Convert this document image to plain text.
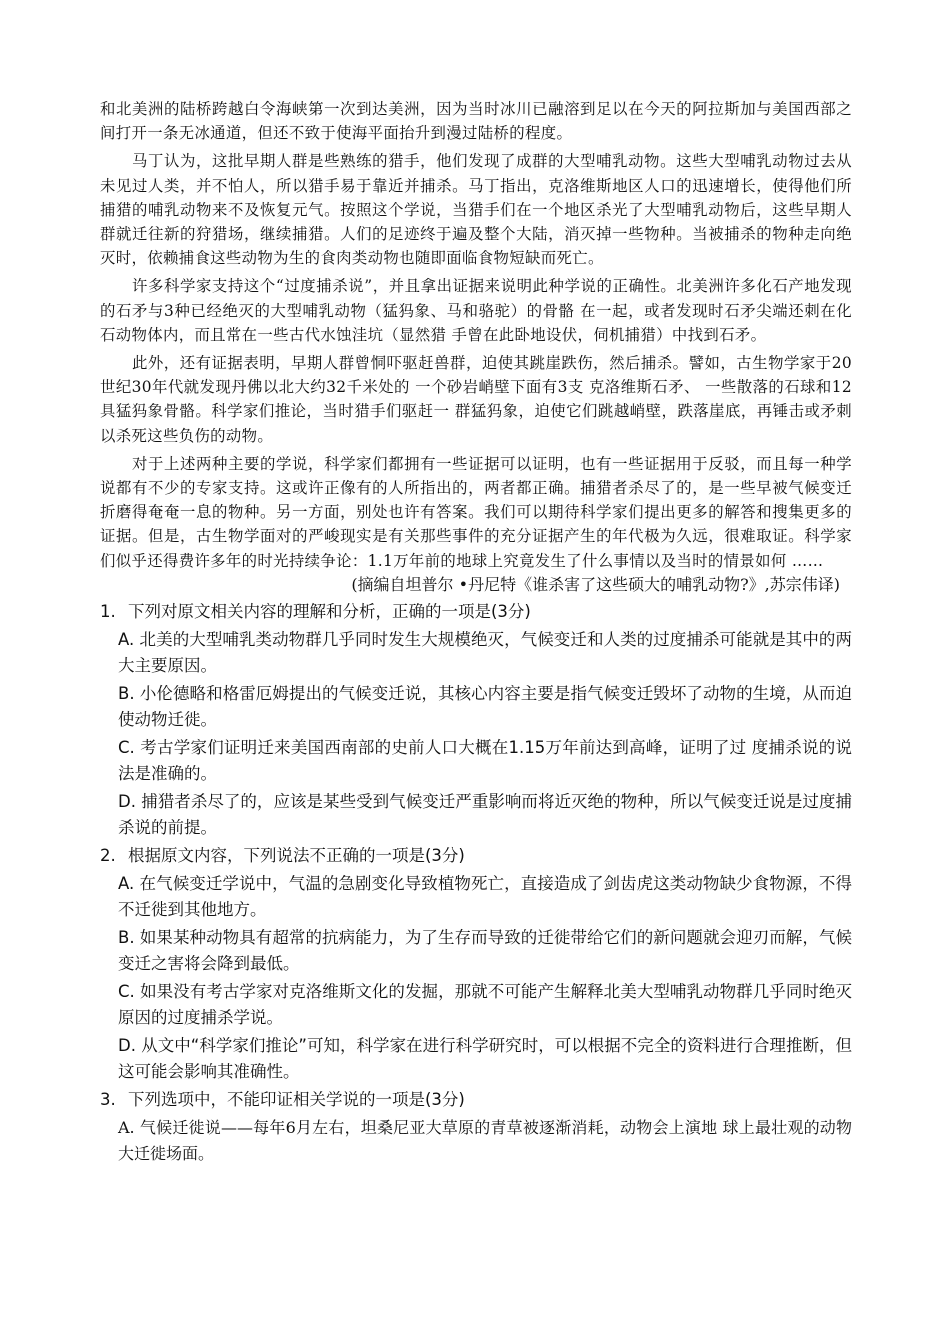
和北美洲的陆桥跨越白令海峡第一次到达美洲，因为当时冰川已融溶到足以在今天的阿拉斯加与美国西部之间打开一条无冰通道，但还不致于使海平面抬升到漫过陆桥的程度。

马丁认为，这批早期人群是些熟练的猎手，他们发现了成群的大型哺乳动物。这些大型哺乳动物过去从未见过人类，并不怕人，所以猎手易于靠近并捕杀。马丁指出，克洛维斯地区人口的迅速增长，使得他们所捕猎的哺乳动物来不及恢复元气。按照这个学说，当猎手们在一个地区杀光了大型哺乳动物后，这些早期人群就迁往新的狩猎场，继续捕猎。人们的足迹终于遍及整个大陆，消灭掉一些物种。当被捕杀的物种走向绝灭时，依赖捕食这些动物为生的食肉类动物也随即面临食物短缺而死亡。

许多科学家支持这个“过度捕杀说”，并且拿出证据来说明此种学说的正确性。北美洲许多化石产地发现的石矛与3种已经绝灭的大型哺乳动物（猛犸象、马和骆驼）的骨骼 在一起，或者发现时石矛尖端还刺在化石动物体内，而且常在一些古代水蚀洼坑（显然猎 手曾在此卧地设伏，伺机捕猎）中找到石矛。

此外，还有证据表明，早期人群曾恫吓驱赶兽群，迫使其跳崖跌伤，然后捕杀。譬如，古生物学家于20世纪30年代就发现丹佛以北大约32千米处的 一个砂岩峭壁下面有3支 克洛维斯石矛、 一些散落的石球和12具猛犸象骨骼。科学家们推论，当时猎手们驱赶一 群猛犸象，迫使它们跳越峭壁，跌落崖底，再锤击或矛刺以杀死这些负伤的动物。

对于上述两种主要的学说，科学家们都拥有一些证据可以证明，也有一些证据用于反驳，而且每一种学说都有不少的专家支持。这或许正像有的人所指出的，两者都正确。捕猎者杀尽了的，是一些早被气候变迁折磨得奄奄一息的物种。另一方面，别处也许有答案。我们可以期待科学家们提出更多的解答和搜集更多的证据。但是，古生物学面对的严峻现实是有关那些事件的充分证据产生的年代极为久远，很难取证。科学家们似乎还得费许多年的时光持续争论：1.1万年前的地球上究竟发生了什么事情以及当时的情景如何 ……

(摘编自坦普尔 •丹尼特《谁杀害了这些硕大的哺乳动物?》,苏宗伟译)

1. 下列对原文相关内容的理解和分析，正确的一项是(3分)

A. 北美的大型哺乳类动物群几乎同时发生大规模绝灭，气候变迁和人类的过度捕杀可能就是其中的两大主要原因。
B. 小伦德略和格雷厄姆提出的气候变迁说，其核心内容主要是指气候变迁毁坏了动物的生境，从而迫使动物迁徙。
C. 考古学家们证明迁来美国西南部的史前人口大概在1.15万年前达到高峰，证明了过 度捕杀说的说法是准确的。
D. 捕猎者杀尽了的，应该是某些受到气候变迁严重影响而将近灭绝的物种，所以气候变迁说是过度捕杀说的前提。

2. 根据原文内容，下列说法不正确的一项是(3分)

A. 在气候变迁学说中，气温的急剧变化导致植物死亡，直接造成了剑齿虎这类动物缺少食物源，不得不迁徙到其他地方。
B. 如果某种动物具有超常的抗病能力，为了生存而导致的迁徙带给它们的新问题就会迎刃而解，气候变迁之害将会降到最低。
C. 如果没有考古学家对克洛维斯文化的发掘，那就不可能产生解释北美大型哺乳动物群几乎同时绝灭原因的过度捕杀学说。
D. 从文中“科学家们推论”可知，科学家在进行科学研究时，可以根据不完全的资料进行合理推断，但这可能会影响其准确性。

3. 下列选项中，不能印证相关学说的一项是(3分)

A. 气候迁徙说——每年6月左右，坦桑尼亚大草原的青草被逐渐消耗，动物会上演地 球上最壮观的动物大迁徙场面。
